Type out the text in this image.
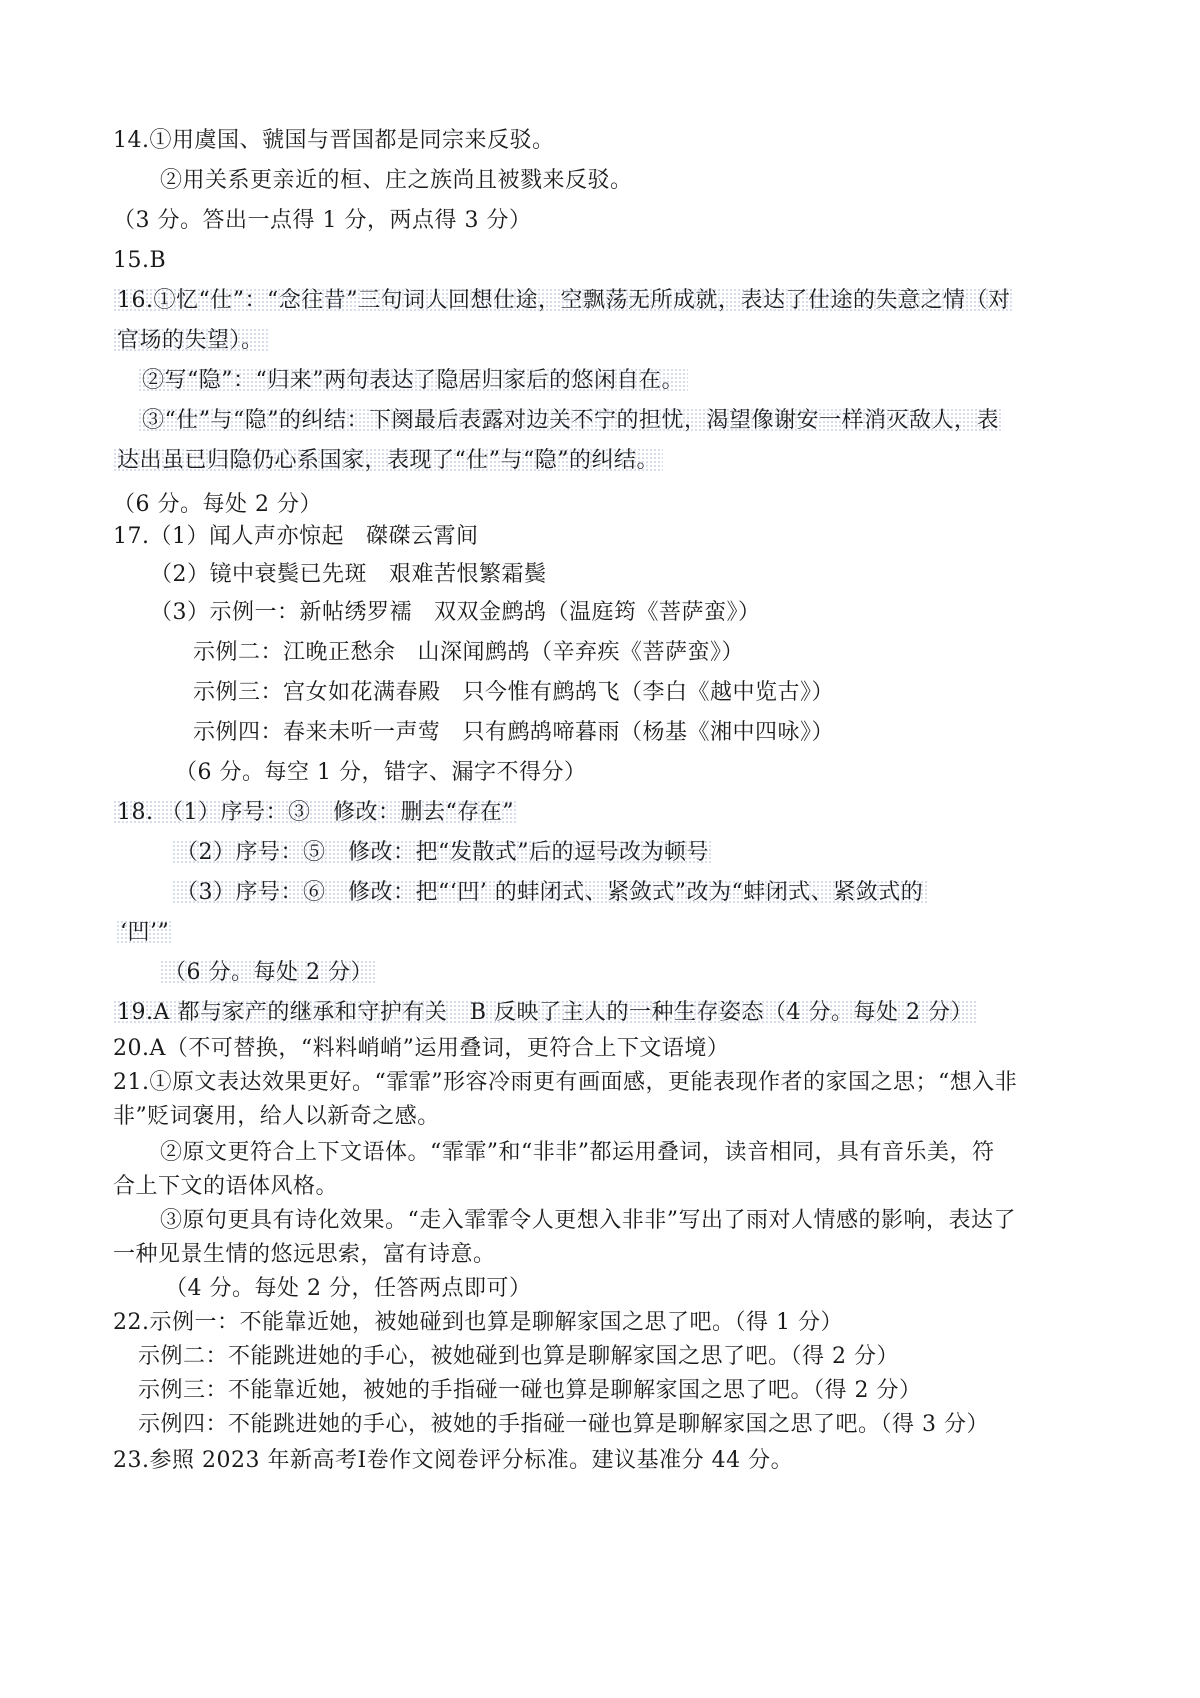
14.①用虞国、虢国与晋国都是同宗来反驳。
②用关系更亲近的桓、庄之族尚且被戮来反驳。
（3 分。答出一点得 1 分，两点得 3 分）
15.B
16.①忆“仕”：“念往昔”三句词人回想仕途，空飘荡无所成就，表达了仕途的失意之情（对
官场的失望）。
②写“隐”：“归来”两句表达了隐居归家后的悠闲自在。
③“仕”与“隐”的纠结：下阕最后表露对边关不宁的担忧，渴望像谢安一样消灭敌人，表
达出虽已归隐仍心系国家，表现了“仕”与“隐”的纠结。
（6 分。每处 2 分）
17.（1）闻人声亦惊起 磔磔云霄间
（2）镜中衰鬓已先斑 艰难苦恨繁霜鬓
（3）示例一：新帖绣罗襦 双双金鹧鸪（温庭筠《菩萨蛮》）
示例二：江晚正愁余 山深闻鹧鸪（辛弃疾《菩萨蛮》）
示例三：宫女如花满春殿 只今惟有鹧鸪飞（李白《越中览古》）
示例四：春来未听一声莺 只有鹧鸪啼暮雨（杨基《湘中四咏》）
（6 分。每空 1 分，错字、漏字不得分）
18. （1）序号：③　修改：删去“存在”
（2）序号：⑤　修改：把“发散式”后的逗号改为顿号
（3）序号：⑥　修改：把“‘凹’ 的蚌闭式、紧敛式”改为“蚌闭式、紧敛式的
‘凹’”
（6 分。每处 2 分）
19.A 都与家产的继承和守护有关　B 反映了主人的一种生存姿态（4 分。每处 2 分）
20.A（不可替换，“料料峭峭”运用叠词，更符合上下文语境）
21.①原文表达效果更好。“霏霏”形容冷雨更有画面感，更能表现作者的家国之思；“想入非
非”贬词褒用，给人以新奇之感。
②原文更符合上下文语体。“霏霏”和“非非”都运用叠词，读音相同，具有音乐美，符
合上下文的语体风格。
③原句更具有诗化效果。“走入霏霏令人更想入非非”写出了雨对人情感的影响，表达了
一种见景生情的悠远思索，富有诗意。
（4 分。每处 2 分，任答两点即可）
22.示例一：不能靠近她，被她碰到也算是聊解家国之思了吧。（得 1 分）
示例二：不能跳进她的手心，被她碰到也算是聊解家国之思了吧。（得 2 分）
示例三：不能靠近她，被她的手指碰一碰也算是聊解家国之思了吧。（得 2 分）
示例四：不能跳进她的手心，被她的手指碰一碰也算是聊解家国之思了吧。（得 3 分）
23.参照 2023 年新高考Ⅰ卷作文阅卷评分标准。建议基准分 44 分。
